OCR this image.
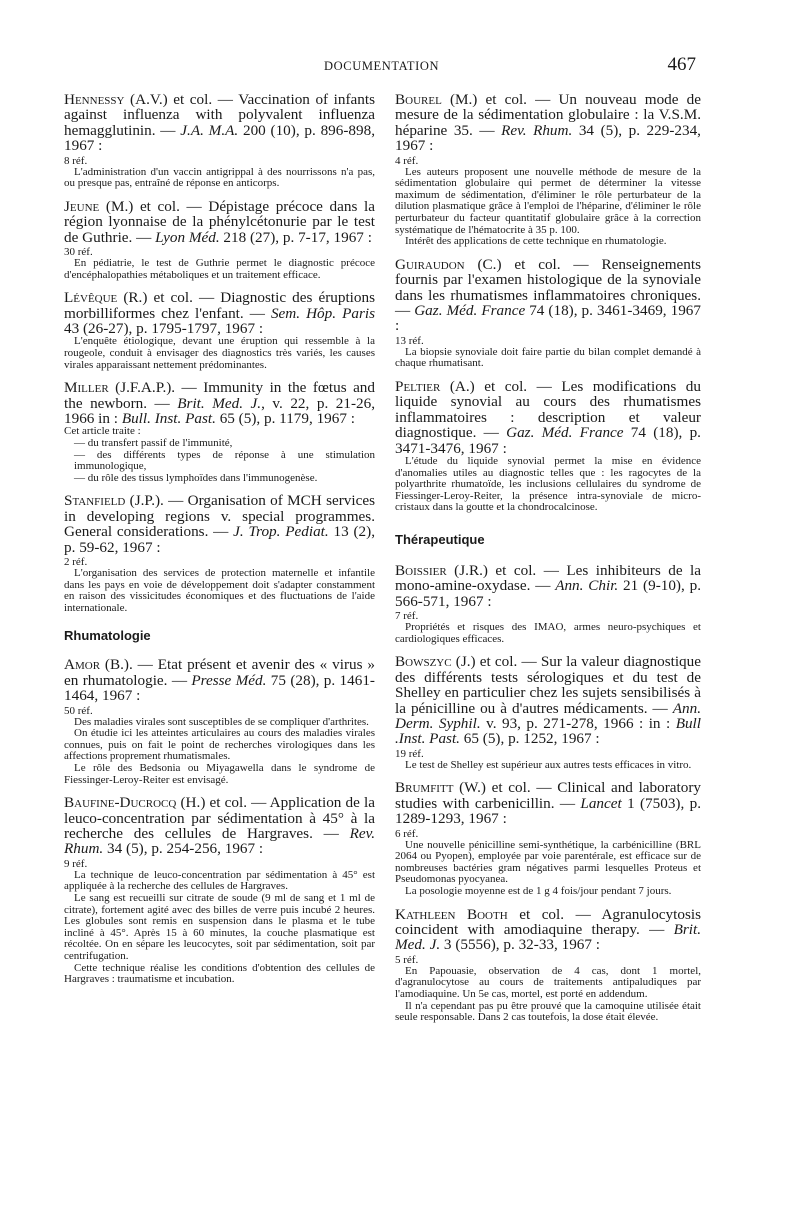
DOCUMENTATION	467
Hennessy (A.V.) et col. — Vaccination of infants against influenza with polyvalent influenza hemagglutinin. — J.A. M.A. 200 (10), p. 896-898, 1967 :
8 réf.
L'administration d'un vaccin antigrippal à des nourrissons n'a pas, ou presque pas, entraîné de réponse en anticorps.
Jeune (M.) et col. — Dépistage précoce dans la région lyonnaise de la phénylcétonurie par le test de Guthrie. — Lyon Méd. 218 (27), p. 7-17, 1967 :
30 réf.
En pédiatrie, le test de Guthrie permet le diagnostic précoce d'encéphalopathies métaboliques et un traitement efficace.
Lévêque (R.) et col. — Diagnostic des éruptions morbilliformes chez l'enfant. — Sem. Hôp. Paris 43 (26-27), p. 1795-1797, 1967 :
L'enquête étiologique, devant une éruption qui ressemble à la rougeole, conduit à envisager des diagnostics très variés, les causes virales apparaissant nettement prédominantes.
Miller (J.F.A.P.). — Immunity in the fœtus and the newborn. — Brit. Med. J., v. 22, p. 21-26, 1966 in : Bull. Inst. Past. 65 (5), p. 1179, 1967 :
Cet article traite :
— du transfert passif de l'immunité,
— des différents types de réponse à une stimulation immunologique,
— du rôle des tissus lymphoïdes dans l'immunogenèse.
Stanfield (J.P.). — Organisation of MCH services in developing regions v. special programmes. General considerations. — J. Trop. Pediat. 13 (2), p. 59-62, 1967 :
2 réf.
L'organisation des services de protection maternelle et infantile dans les pays en voie de développement doit s'adapter constamment en raison des vissicitudes économiques et des fluctuations de l'aide internationale.
Rhumatologie
Amor (B.). — Etat présent et avenir des « virus » en rhumatologie. — Presse Méd. 75 (28), p. 1461-1464, 1967 :
50 réf.
Des maladies virales sont susceptibles de se compliquer d'arthrites.
On étudie ici les atteintes articulaires au cours des maladies virales connues, puis on fait le point de recherches virologiques dans les affections proprement rhumatismales.
Le rôle des Bedsonia ou Miyagawella dans le syndrome de Fiessinger-Leroy-Reiter est envisagé.
Baufine-Ducrocq (H.) et col. — Application de la leuco-concentration par sédimentation à 45° à la recherche des cellules de Hargraves. — Rev. Rhum. 34 (5), p. 254-256, 1967 :
9 réf.
La technique de leuco-concentration par sédimentation à 45° est appliquée à la recherche des cellules de Hargraves.
Le sang est recueilli sur citrate de soude (9 ml de sang et 1 ml de citrate), fortement agité avec des billes de verre puis incubé 2 heures. Les globules sont remis en suspension dans le plasma et le tube incliné à 45°. Après 15 à 60 minutes, la couche plasmatique est récoltée. On en sépare les leucocytes, soit par sédimentation, soit par centrifugation.
Cette technique réalise les conditions d'obtention des cellules de Hargraves : traumatisme et incubation.
Bourel (M.) et col. — Un nouveau mode de mesure de la sédimentation globulaire : la V.S.M. héparine 35. — Rev. Rhum. 34 (5), p. 229-234, 1967 :
4 réf.
Les auteurs proposent une nouvelle méthode de mesure de la sédimentation globulaire qui permet de déterminer la vitesse maximum de sédimentation, d'éliminer le rôle perturbateur de la dilution plasmatique grâce à l'emploi de l'héparine, d'éliminer le rôle perturbateur du facteur quantitatif globulaire grâce à la correction systématique de l'hématocrite à 35 p. 100.
Intérêt des applications de cette technique en rhumatologie.
Guiraudon (C.) et col. — Renseignements fournis par l'examen histologique de la synoviale dans les rhumatismes inflammatoires chroniques. — Gaz. Méd. France 74 (18), p. 3461-3469, 1967 :
13 réf.
La biopsie synoviale doit faire partie du bilan complet demandé à chaque rhumatisant.
Peltier (A.) et col. — Les modifications du liquide synovial au cours des rhumatismes inflammatoires : description et valeur diagnostique. — Gaz. Méd. France 74 (18), p. 3471-3476, 1967 :
L'étude du liquide synovial permet la mise en évidence d'anomalies utiles au diagnostic telles que : les ragocytes de la polyarthrite rhumatoïde, les inclusions cellulaires du syndrome de Fiessinger-Leroy-Reiter, la présence intra-synoviale de micro-cristaux dans la goutte et la chondrocalcinose.
Thérapeutique
Boissier (J.R.) et col. — Les inhibiteurs de la mono-amine-oxydase. — Ann. Chir. 21 (9-10), p. 566-571, 1967 :
7 réf.
Propriétés et risques des IMAO, armes neuro-psychiques et cardiologiques efficaces.
Bowszyc (J.) et col. — Sur la valeur diagnostique des différents tests sérologiques et du test de Shelley en particulier chez les sujets sensibilisés à la pénicilline ou à d'autres médicaments. — Ann. Derm. Syphil. v. 93, p. 271-278, 1966 : in : Bull .Inst. Past. 65 (5), p. 1252, 1967 :
19 réf.
Le test de Shelley est supérieur aux autres tests efficaces in vitro.
Brumfitt (W.) et col. — Clinical and laboratory studies with carbenicillin. — Lancet 1 (7503), p. 1289-1293, 1967 :
6 réf.
Une nouvelle pénicilline semi-synthétique, la carbénicilline (BRL 2064 ou Pyopen), employée par voie parentérale, est efficace sur de nombreuses bactéries gram négatives parmi lesquelles Proteus et Pseudomonas pyocyanea.
La posologie moyenne est de 1 g 4 fois/jour pendant 7 jours.
Kathleen Booth et col. — Agranulocytosis coincident with amodiaquine therapy. — Brit. Med. J. 3 (5556), p. 32-33, 1967 :
5 réf.
En Papouasie, observation de 4 cas, dont 1 mortel, d'agranulocytose au cours de traitements antipaludiques par l'amodiaquine. Un 5e cas, mortel, est porté en addendum.
Il n'a cependant pas pu être prouvé que la camoquine utilisée était seule responsable. Dans 2 cas toutefois, la dose était élevée.
